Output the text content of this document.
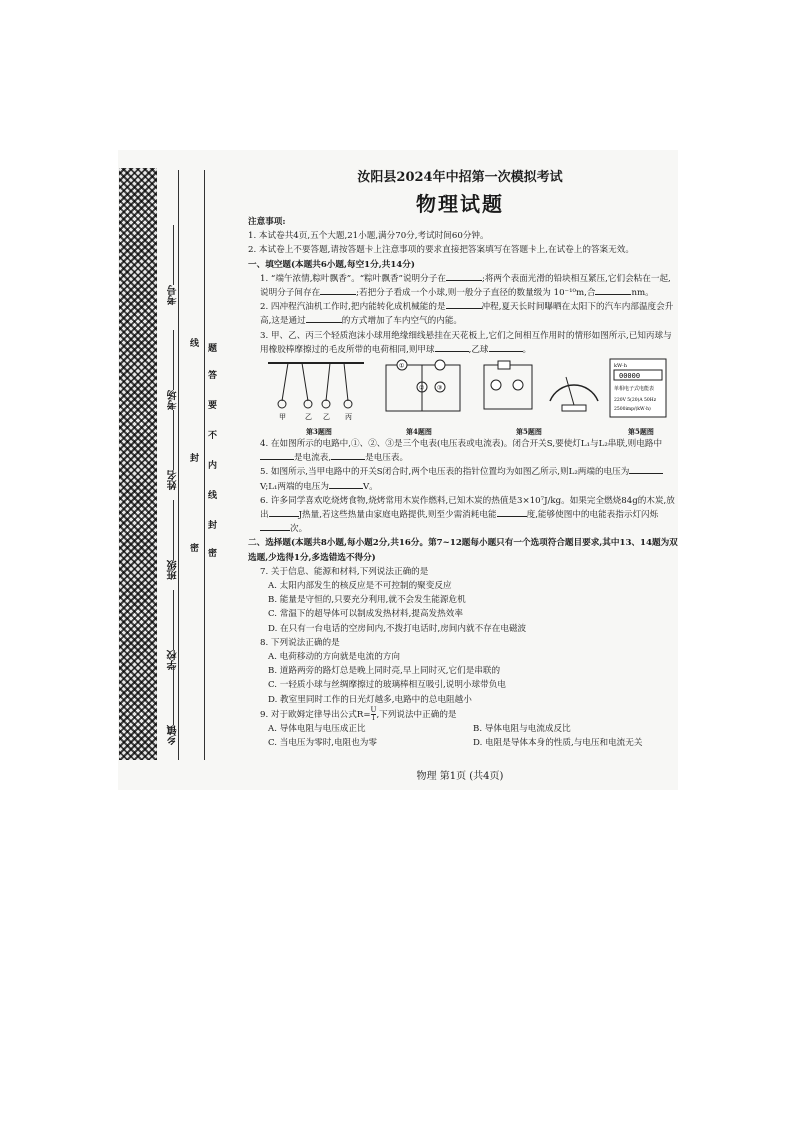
考号
考场
姓名
班级
学校
乡镇
题
答
要
不
内
线
封
密
线
封
密
汝阳县2024年中招第一次模拟考试
物理试题

注意事项:

1. 本试卷共4页,五个大题,21小题,满分70分,考试时间60分钟。

2. 本试卷上不要答题,请按答题卡上注意事项的要求直接把答案填写在答题卡上,在试卷上的答案无效。

一、填空题(本题共6小题,每空1分,共14分)

1. “端午浓情,粽叶飘香”。“粽叶飘香”说明分子在	;将两个表面光滑的铅块相互紧压,它们会粘在一起,说明分子间存在	;若把分子看成一个小球,则一般分子直径的数量级为 10⁻¹⁰m,合	nm。

2. 四冲程汽油机工作时,把内能转化成机械能的是	冲程,夏天长时间曝晒在太阳下的汽车内部温度会升高,这是通过	的方式增加了车内空气的内能。

3. 甲、乙、丙三个轻质泡沫小球用绝缘细线悬挂在天花板上,它们之间相互作用时的情形如图所示,已知丙球与用橡胶棒摩擦过的毛皮所带的电荷相同,则甲球	,乙球	。

甲	乙 乙 丙
①
② ③
kW·h
00000
单相电子式电能表
220V 5(20)A 50Hz
2500imp/(kW·h)
第3题图	第4题图	第5题图	第5题图

4. 在如图所示的电路中,①、②、③是三个电表(电压表或电流表)。闭合开关S,要使灯L₁与L₂串联,则电路中是电流表,	是电压表。

5. 如图所示,当甲电路中的开关S闭合时,两个电压表的指针位置均为如图乙所示,则L₂两端的电压为V;L₁两端的电压为	V。

6. 许多同学喜欢吃烧烤食物,烧烤常用木炭作燃料,已知木炭的热值是3×10⁷J/kg。如果完全燃烧84g的木炭,放出	J热量,若这些热量由家庭电路提供,则至少需消耗电能	度,能够使图中的电能表指示灯闪烁次。

二、选择题(本题共8小题,每小题2分,共16分。第7~12题每小题只有一个选项符合题目要求,其中13、14题为双选题,少选得1分,多选错选不得分)

7. 关于信息、能源和材料,下列说法正确的是

A. 太阳内部发生的核反应是不可控制的聚变反应

B. 能量是守恒的,只要充分利用,就不会发生能源危机

C. 常温下的超导体可以制成发热材料,提高发热效率

D. 在只有一台电话的空房间内,不拨打电话时,房间内就不存在电磁波

8. 下列说法正确的是

A. 电荷移动的方向就是电流的方向

B. 道路两旁的路灯总是晚上同时亮,早上同时灭,它们是串联的

C. 一轻质小球与丝绸摩擦过的玻璃棒相互吸引,说明小球带负电

D. 教室里同时工作的日光灯越多,电路中的总电阻越小

9. 对于欧姆定律导出公式$R= \frac{U}{I}$ ,下列说法中正确的是

A. 导体电阻与电压成正比	B. 导体电阻与电流成反比
C. 当电压为零时,电阻也为零	D. 电阻是导体本身的性质,与电压和电流无关
物理 第1页 (共4页)
